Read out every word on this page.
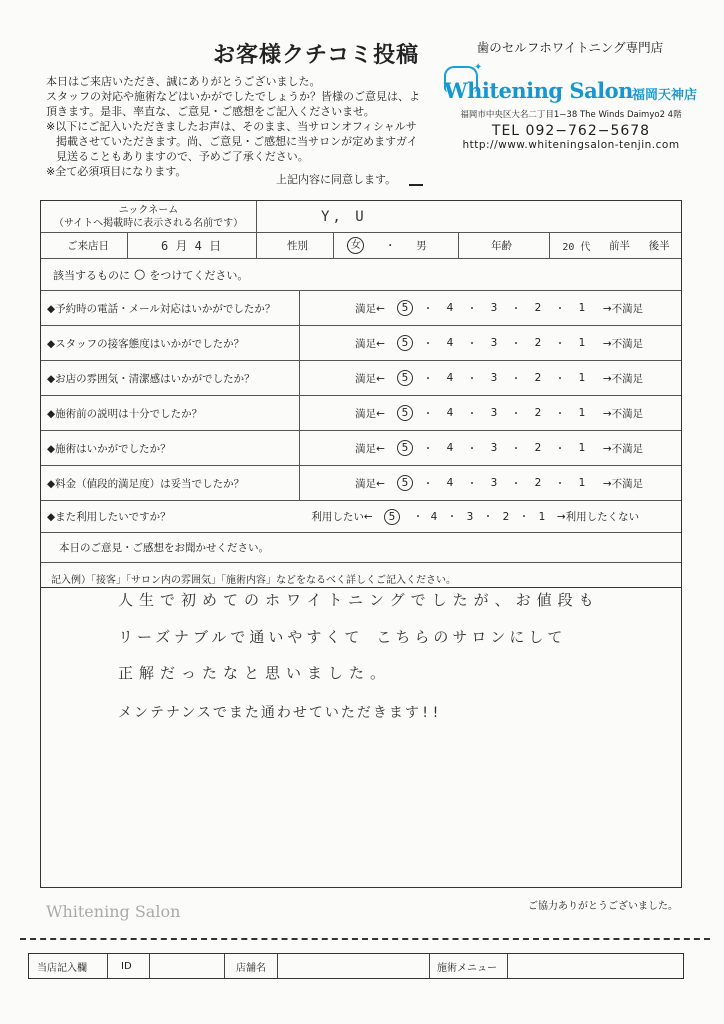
お客様クチコミ投稿

本日はご来店いただき、誠にありがとうございました。

スタッフの対応や施術などはいかがでしたでしょうか？皆様のご意見は、よ

頂きます。是非、率直な、ご意見・ご感想をご記入くださいませ。

※以下にご記入いただきましたお声は、そのまま、当サロンオフィシャルサ

掲載させていただきます。尚、ご意見・ご感想に当サロンが定めますガイ

見送ることもありますので、予めご了承ください。

※全て必須項目になります。

上記内容に同意します。
歯のセルフホワイトニング専門店
✦
Whitening Salon 福岡天神店
福岡市中央区大名二丁目1−38 The Winds Daimyo2 4階
TEL 092−762−5678
http://www.whiteningsalon-tenjin.com
ニックネーム
（サイトへ掲載時に表示される名前です）	Y, U
ご来店日	6 月 4 日	性別	女	・ 男	年齢	20 代 前半 後半
該当するものに ○ をつけてください。
◆予約時の電話・メール対応はいかがでしたか？	満足←	5	・	4	・	3	・	2	・	1	→不満足
◆スタッフの接客態度はいかがでしたか？	満足←	5	・	4	・	3	・	2	・	1	→不満足
◆お店の雰囲気・清潔感はいかがでしたか？	満足←	5	・	4	・	3	・	2	・	1	→不満足
◆施術前の説明は十分でしたか？	満足←	5	・	4	・	3	・	2	・	1	→不満足
◆施術はいかがでしたか？	満足←	5	・	4	・	3	・	2	・	1	→不満足
◆料金（値段的満足度）は妥当でしたか？	満足←	5	・	4	・	3	・	2	・	1	→不満足
◆また利用したいですか？	利用したい←	5	・ 4 ・ 3 ・ 2 ・ 1	→利用したくない
本日のご意見・ご感想をお聞かせください。
記入例）「接客」「サロン内の雰囲気」「施術内容」などをなるべく詳しくご記入ください。
人生で初めてのホワイトニングでしたが、お値段も
リーズナブルで通いやすくて こちらのサロンにして
正解だったなと思いました。
メンテナンスでまた通わせていただきます!!
Whitening Salon	ご協力ありがとうございました。
当店記入欄	ID	店舗名	施術メニュー
